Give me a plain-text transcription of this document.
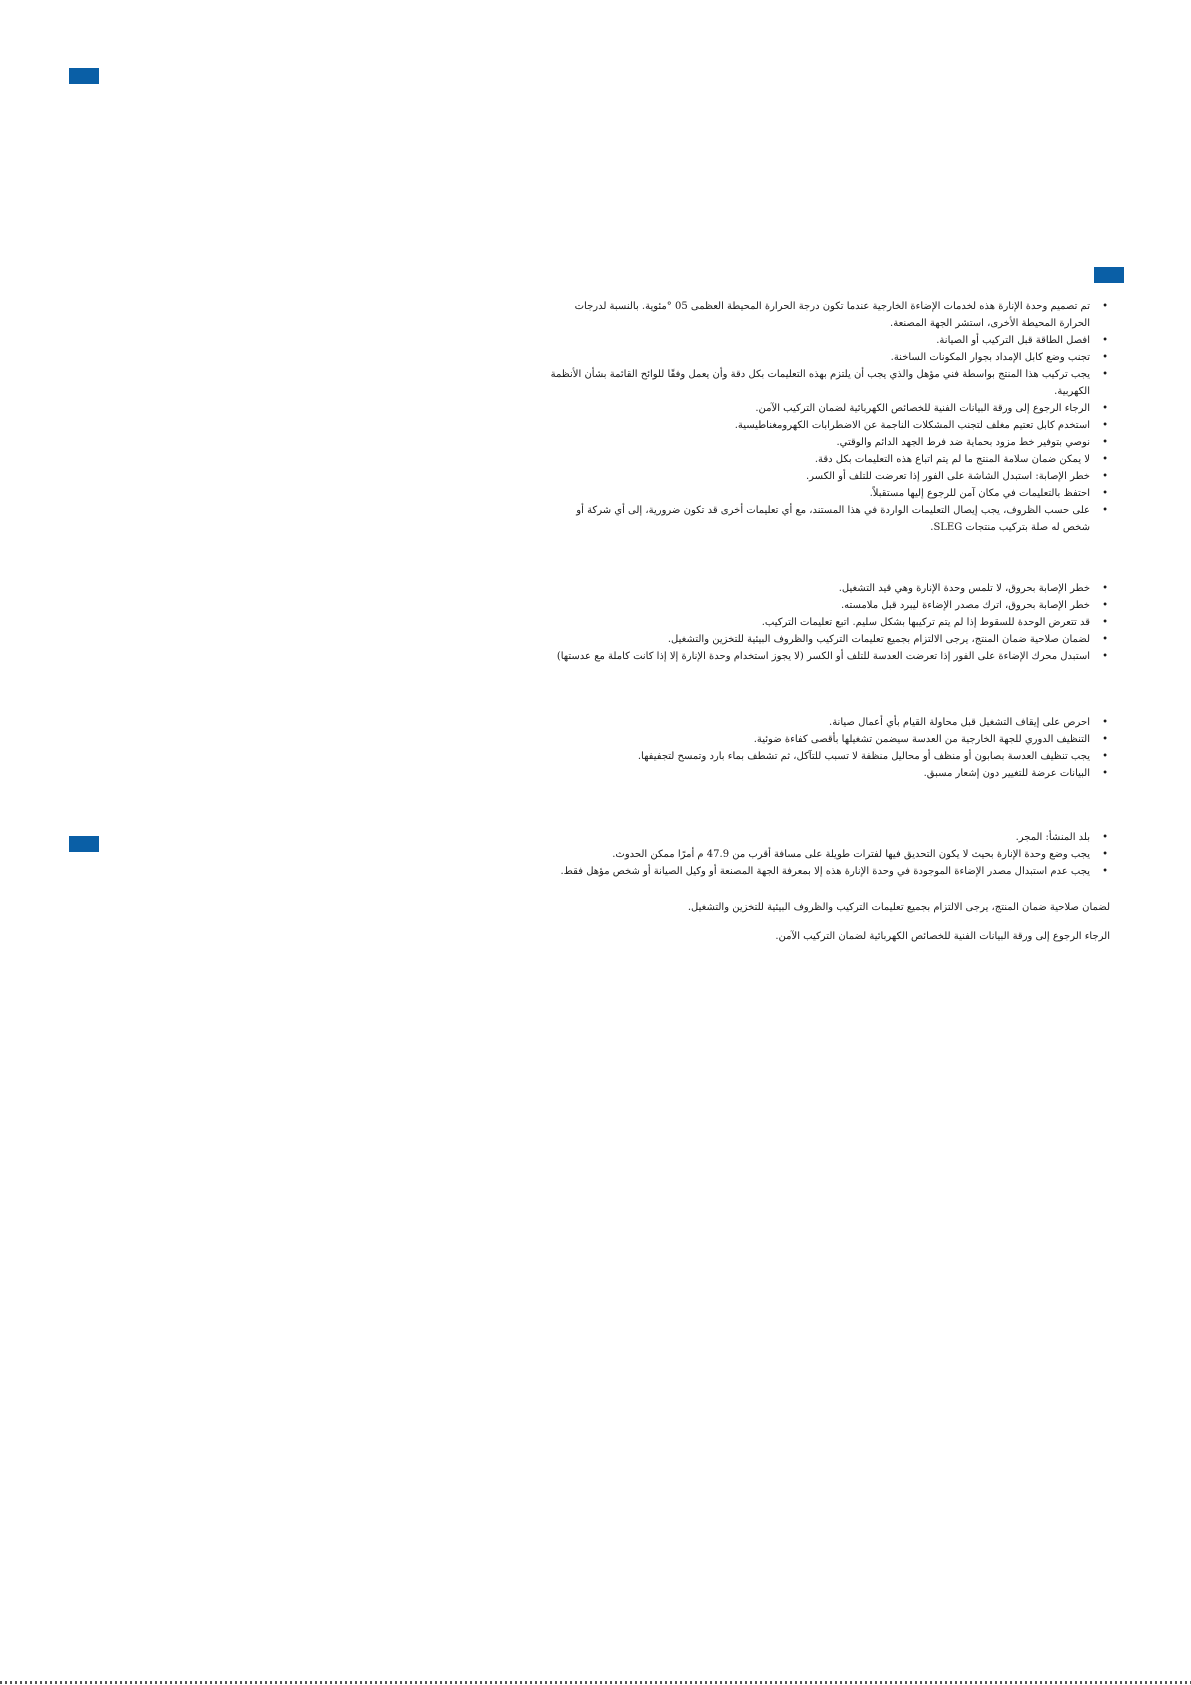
•
تم تصميم وحدة الإنارة هذه لخدمات الإضاءة الخارجية عندما تكون درجة الحرارة المحيطة العظمى 05 °مئوية. بالنسبة لدرجات الحرارة المحيطة الأخرى، استشر الجهة المصنعة.
•
افصل الطاقة قبل التركيب أو الصيانة.
•
تجنب وضع كابل الإمداد بجوار المكونات الساخنة.
•
يجب تركيب هذا المنتج بواسطة فني مؤهل والذي يجب أن يلتزم بهذه التعليمات بكل دقة وأن يعمل وفقًا للوائح القائمة بشأن الأنظمة الكهربية.
•
الرجاء الرجوع إلى ورقة البيانات الفنية للخصائص الكهربائية لضمان التركيب الآمن.
•
استخدم كابل تعتيم مغلف لتجنب المشكلات الناجمة عن الاضطرابات الكهرومغناطيسية.
•
نوصي بتوفير خط مزود بحماية ضد فرط الجهد الدائم والوقتي.
•
لا يمكن ضمان سلامة المنتج ما لم يتم اتباع هذه التعليمات بكل دقة.
•
خطر الإصابة: استبدل الشاشة على الفور إذا تعرضت للتلف أو الكسر.
•
احتفظ بالتعليمات في مكان آمن للرجوع إليها مستقبلاً.
•
على حسب الظروف، يجب إيصال التعليمات الواردة في هذا المستند، مع أي تعليمات أخرى قد تكون ضرورية، إلى أي شركة أو شخص له صلة بتركيب منتجات SLEG.
•
خطر الإصابة بحروق، لا تلمس وحدة الإنارة وهي قيد التشغيل.
•
خطر الإصابة بحروق، اترك مصدر الإضاءة ليبرد قبل ملامسته.
•
قد تتعرض الوحدة للسقوط إذا لم يتم تركيبها بشكل سليم. اتبع تعليمات التركيب.
•
لضمان صلاحية ضمان المنتج، يرجى الالتزام بجميع تعليمات التركيب والظروف البيئية للتخزين والتشغيل.
•
استبدل محرك الإضاءة على الفور إذا تعرضت العدسة للتلف أو الكسر (لا يجوز استخدام وحدة الإنارة إلا إذا كانت كاملة مع عدستها)
•
احرص على إيقاف التشغيل قبل محاولة القيام بأي أعمال صيانة.
•
التنظيف الدوري للجهة الخارجية من العدسة سيضمن تشغيلها بأقصى كفاءة ضوئية.
•
يجب تنظيف العدسة بصابون أو منظف أو محاليل منظفة لا تسبب للتآكل، ثم تشطف بماء بارد وتمسح لتجفيفها.
•
البيانات عرضة للتغيير دون إشعار مسبق.
•
بلد المنشأ: المجر.
•
يجب وضع وحدة الإنارة بحيث لا يكون التحديق فيها لفترات طويلة على مسافة أقرب من 47.9 م أمرًا ممكن الحدوث.
•
يجب عدم استبدال مصدر الإضاءة الموجودة في وحدة الإنارة هذه إلا بمعرفة الجهة المصنعة أو وكيل الصيانة أو شخص مؤهل فقط.

لضمان صلاحية ضمان المنتج، يرجى الالتزام بجميع تعليمات التركيب والظروف البيئية للتخزين والتشغيل.

الرجاء الرجوع إلى ورقة البيانات الفنية للخصائص الكهربائية لضمان التركيب الآمن.
